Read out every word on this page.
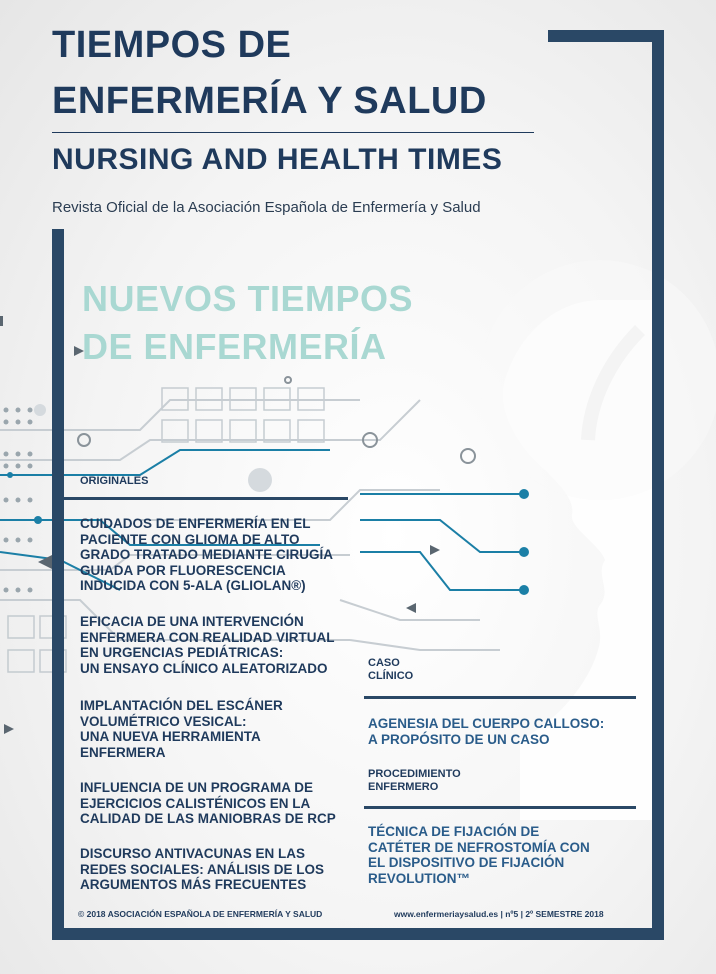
TIEMPOS DE
ENFERMERÍA Y SALUD
NURSING AND HEALTH TIMES
Revista Oficial de la Asociación Española de Enfermería y Salud
NUEVOS TIEMPOS
DE ENFERMERÍA
ORIGINALES
CUIDADOS DE ENFERMERÍA EN EL
PACIENTE CON GLIOMA DE ALTO
GRADO TRATADO MEDIANTE CIRUGÍA
GUIADA POR FLUORESCENCIA
INDUCIDA CON 5-ALA (GLIOLAN®)
EFICACIA DE UNA INTERVENCIÓN
ENFERMERA CON REALIDAD VIRTUAL
EN URGENCIAS PEDIÁTRICAS:
UN ENSAYO CLÍNICO ALEATORIZADO
IMPLANTACIÓN DEL ESCÁNER
VOLUMÉTRICO VESICAL:
UNA NUEVA HERRAMIENTA
ENFERMERA
INFLUENCIA DE UN PROGRAMA DE
EJERCICIOS CALISTÉNICOS EN LA
CALIDAD DE LAS MANIOBRAS DE RCP
DISCURSO ANTIVACUNAS EN LAS
REDES SOCIALES: ANÁLISIS DE LOS
ARGUMENTOS MÁS FRECUENTES
CASO
CLÍNICO
AGENESIA DEL CUERPO CALLOSO:
A PROPÓSITO DE UN CASO
PROCEDIMIENTO
ENFERMERO
TÉCNICA DE FIJACIÓN DE
CATÉTER DE NEFROSTOMÍA CON
EL DISPOSITIVO DE FIJACIÓN
REVOLUTION™
© 2018 ASOCIACIÓN ESPAÑOLA DE ENFERMERÍA Y SALUD	www.enfermeriaysalud.es | nº5 | 2º SEMESTRE 2018
